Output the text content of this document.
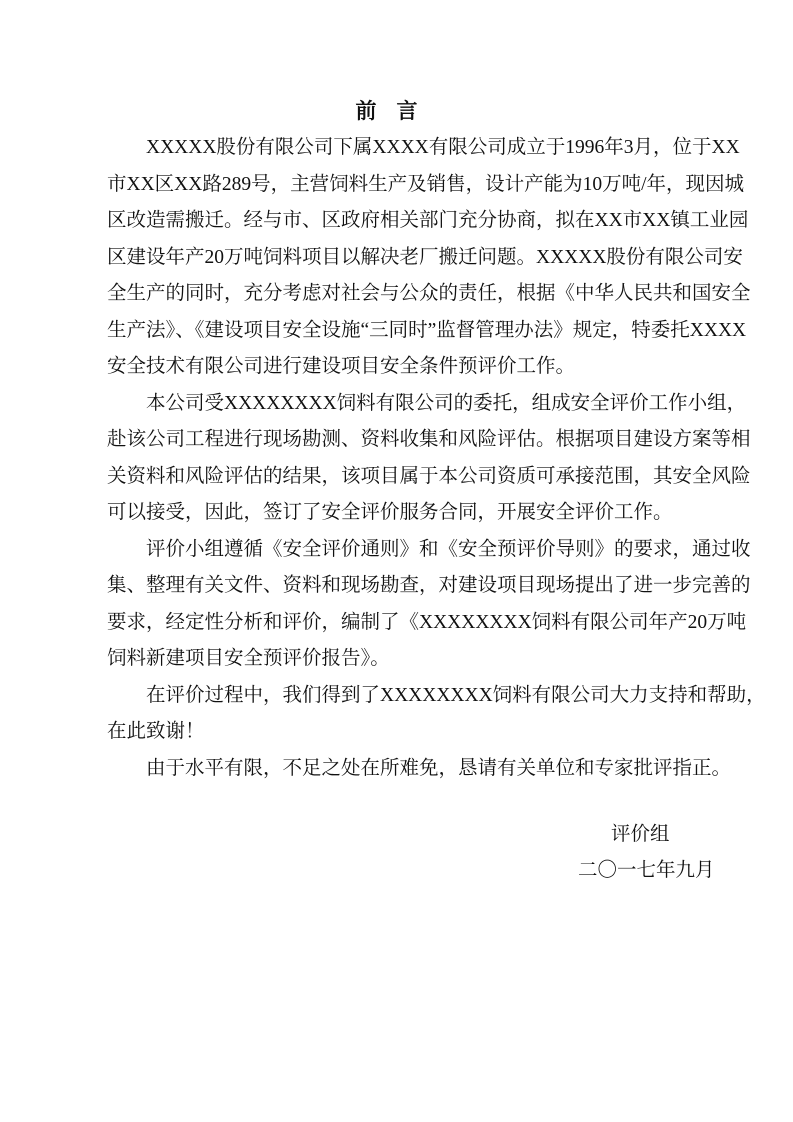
前言
XXXXX股份有限公司下属XXXX有限公司成立于1996年3月，位于XX
市XX区XX路289号，主营饲料生产及销售，设计产能为10万吨/年，现因城
区改造需搬迁。经与市、区政府相关部门充分协商，拟在XX市XX镇工业园
区建设年产20万吨饲料项目以解决老厂搬迁问题。XXXXX股份有限公司安
全生产的同时，充分考虑对社会与公众的责任，根据《中华人民共和国安全
生产法》、《建设项目安全设施“三同时”监督管理办法》规定，特委托XXXX
安全技术有限公司进行建设项目安全条件预评价工作。
本公司受XXXXXXXX饲料有限公司的委托，组成安全评价工作小组，
赴该公司工程进行现场勘测、资料收集和风险评估。根据项目建设方案等相
关资料和风险评估的结果，该项目属于本公司资质可承接范围，其安全风险
可以接受，因此，签订了安全评价服务合同，开展安全评价工作。
评价小组遵循《安全评价通则》和《安全预评价导则》的要求，通过收
集、整理有关文件、资料和现场勘查，对建设项目现场提出了进一步完善的
要求，经定性分析和评价，编制了《XXXXXXXX饲料有限公司年产20万吨
饲料新建项目安全预评价报告》。
在评价过程中，我们得到了XXXXXXXX饲料有限公司大力支持和帮助，
在此致谢！
由于水平有限，不足之处在所难免，恳请有关单位和专家批评指正。
评价组
二〇一七年九月
